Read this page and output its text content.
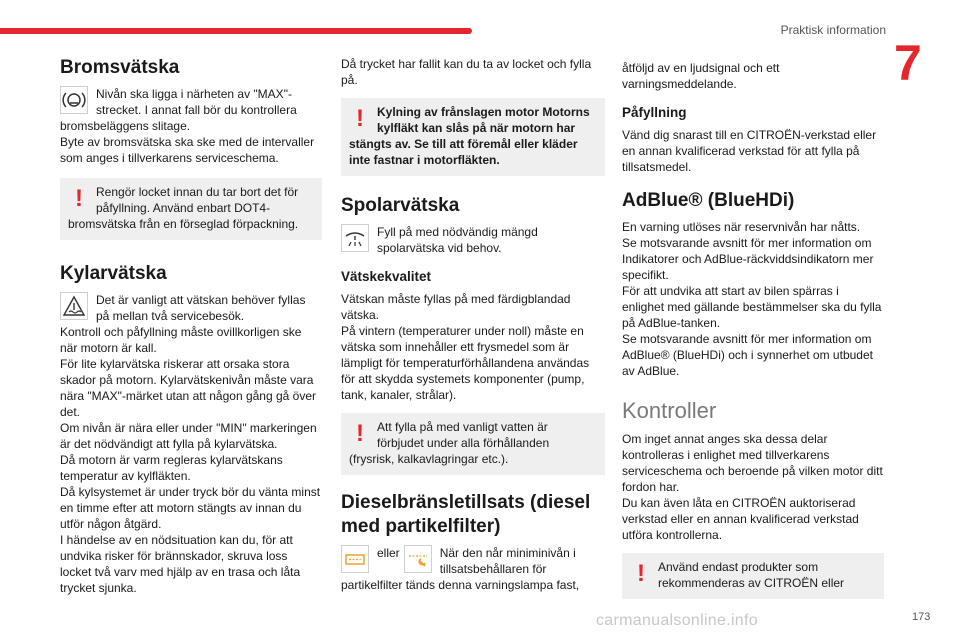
Praktisk information
7
Bromsvätska

Nivån ska ligga i närheten av "MAX"-strecket. I annat fall bör du kontrollera bromsbeläggens slitage.

Byte av bromsvätska ska ske med de intervaller som anges i tillverkarens serviceschema.

!	Rengör locket innan du tar bort det för påfyllning. Använd enbart DOT4-bromsvätska från en förseglad förpackning.

Kylarvätska

Det är vanligt att vätskan behöver fyllas på mellan två servicebesök.

Kontroll och påfyllning måste ovillkorligen ske när motorn är kall.

För lite kylarvätska riskerar att orsaka stora skador på motorn. Kylarvätskenivån måste vara nära "MAX"-märket utan att någon gång gå över det.

Om nivån är nära eller under "MIN" markeringen är det nödvändigt att fylla på kylarvätska.

Då motorn är varm regleras kylarvätskans temperatur av kylfläkten.

Då kylsystemet är under tryck bör du vänta minst en timme efter att motorn stängts av innan du utför någon åtgärd.

I händelse av en nödsituation kan du, för att undvika risker för brännskador, skruva loss locket två varv med hjälp av en trasa och låta trycket sjunka.

Då trycket har fallit kan du ta av locket och fylla på.

!	Kylning av frånslagen motor Motorns kylfläkt kan slås på när motorn har stängts av. Se till att föremål eller kläder inte fastnar i motorfläkten.

Spolarvätska

Fyll på med nödvändig mängd spolarvätska vid behov.

Vätskekvalitet

Vätskan måste fyllas på med färdigblandad vätska.

På vintern (temperaturer under noll) måste en vätska som innehåller ett frysmedel som är lämpligt för temperaturförhållandena användas för att skydda systemets komponenter (pump, tank, kanaler, strålar).

!	Att fylla på med vanligt vatten är förbjudet under alla förhållanden (frysrisk, kalkavlagringar etc.).

Dieselbränsletillsats (diesel med partikelfilter)
eller	När den når miniminivån i tillsatsbehållaren för partikelfilter tänds denna varningslampa fast,

åtföljd av en ljudsignal och ett varningsmeddelande.

Påfyllning

Vänd dig snarast till en CITROËN-verkstad eller en annan kvalificerad verkstad för att fylla på tillsatsmedel.

AdBlue® (BlueHDi)

En varning utlöses när reservnivån har nåtts.

Se motsvarande avsnitt för mer information om Indikatorer och AdBlue-räckviddsindikatorn mer specifikt.

För att undvika att start av bilen spärras i enlighet med gällande bestämmelser ska du fylla på AdBlue-tanken.

Se motsvarande avsnitt för mer information om AdBlue® (BlueHDi) och i synnerhet om utbudet av AdBlue.

Kontroller

Om inget annat anges ska dessa delar kontrolleras i enlighet med tillverkarens serviceschema och beroende på vilken motor ditt fordon har.

Du kan även låta en CITROËN auktoriserad verkstad eller en annan kvalificerad verkstad utföra kontrollerna.

!	Använd endast produkter som rekommenderas av CITROËN eller

carmanualsonline.info	173
